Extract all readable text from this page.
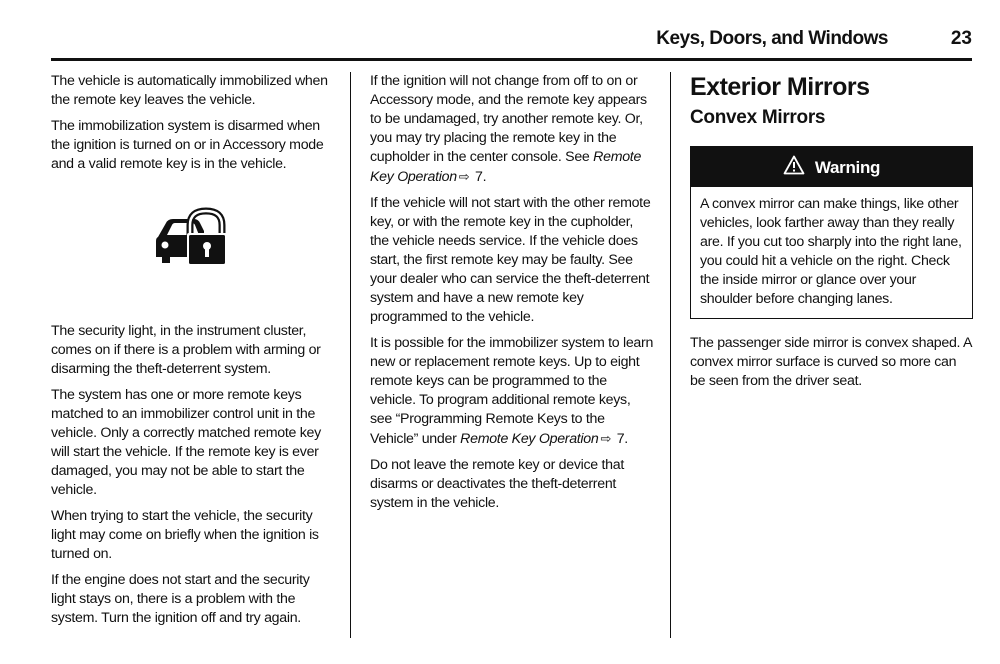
Keys, Doors, and Windows	23

The vehicle is automatically immobilized when the remote key leaves the vehicle.

The immobilization system is disarmed when the ignition is turned on or in Accessory mode and a valid remote key is in the vehicle.

The security light, in the instrument cluster, comes on if there is a problem with arming or disarming the theft-deterrent system.

The system has one or more remote keys matched to an immobilizer control unit in the vehicle. Only a correctly matched remote key will start the vehicle. If the remote key is ever damaged, you may not be able to start the vehicle.

When trying to start the vehicle, the security light may come on briefly when the ignition is turned on.

If the engine does not start and the security light stays on, there is a problem with the system. Turn the ignition off and try again.

If the ignition will not change from off to on or Accessory mode, and the remote key appears to be undamaged, try another remote key. Or, you may try placing the remote key in the cupholder in the center console. See Remote Key Operation ⇨ 7.

If the vehicle will not start with the other remote key, or with the remote key in the cupholder, the vehicle needs service. If the vehicle does start, the first remote key may be faulty. See your dealer who can service the theft-deterrent system and have a new remote key programmed to the vehicle.

It is possible for the immobilizer system to learn new or replacement remote keys. Up to eight remote keys can be programmed to the vehicle. To program additional remote keys, see “Programming Remote Keys to the Vehicle” under Remote Key Operation ⇨ 7.

Do not leave the remote key or device that disarms or deactivates the theft-deterrent system in the vehicle.

Exterior Mirrors
Convex Mirrors
Warning
A convex mirror can make things, like other vehicles, look farther away than they really are. If you cut too sharply into the right lane, you could hit a vehicle on the right. Check the inside mirror or glance over your shoulder before changing lanes.

The passenger side mirror is convex shaped. A convex mirror surface is curved so more can be seen from the driver seat.
